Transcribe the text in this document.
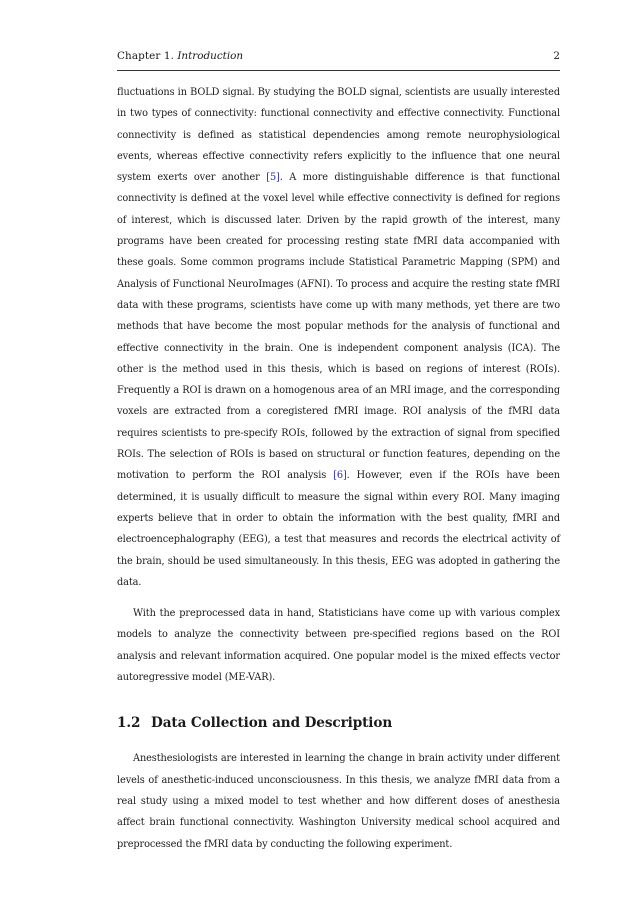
Chapter 1. Introduction	2

fluctuations in BOLD signal. By studying the BOLD signal, scientists are usually interested in two types of connectivity: functional connectivity and effective connectivity. Functional connectivity is defined as statistical dependencies among remote neurophysiological events, whereas effective connectivity refers explicitly to the influence that one neural system exerts over another [5]. A more distinguishable difference is that functional connectivity is defined at the voxel level while effective connectivity is defined for regions of interest, which is discussed later. Driven by the rapid growth of the interest, many programs have been created for processing resting state fMRI data accompanied with these goals. Some common programs include Statistical Parametric Mapping (SPM) and Analysis of Functional NeuroImages (AFNI). To process and acquire the resting state fMRI data with these programs, scientists have come up with many methods, yet there are two methods that have become the most popular methods for the analysis of functional and effective connectivity in the brain. One is independent component analysis (ICA). The other is the method used in this thesis, which is based on regions of interest (ROIs). Frequently a ROI is drawn on a homogenous area of an MRI image, and the corresponding voxels are extracted from a coregistered fMRI image. ROI analysis of the fMRI data requires scientists to pre-specify ROIs, followed by the extraction of signal from specified ROIs. The selection of ROIs is based on structural or function features, depending on the motivation to perform the ROI analysis [6]. However, even if the ROIs have been determined, it is usually difficult to measure the signal within every ROI. Many imaging experts believe that in order to obtain the information with the best quality, fMRI and electroencephalography (EEG), a test that measures and records the electrical activity of the brain, should be used simultaneously. In this thesis, EEG was adopted in gathering the data.

With the preprocessed data in hand, Statisticians have come up with various complex models to analyze the connectivity between pre-specified regions based on the ROI analysis and relevant information acquired. One popular model is the mixed effects vector autoregressive model (ME-VAR).

1.2 Data Collection and Description

Anesthesiologists are interested in learning the change in brain activity under different levels of anesthetic-induced unconsciousness. In this thesis, we analyze fMRI data from a real study using a mixed model to test whether and how different doses of anesthesia affect brain functional connectivity. Washington University medical school acquired and preprocessed the fMRI data by conducting the following experiment.
